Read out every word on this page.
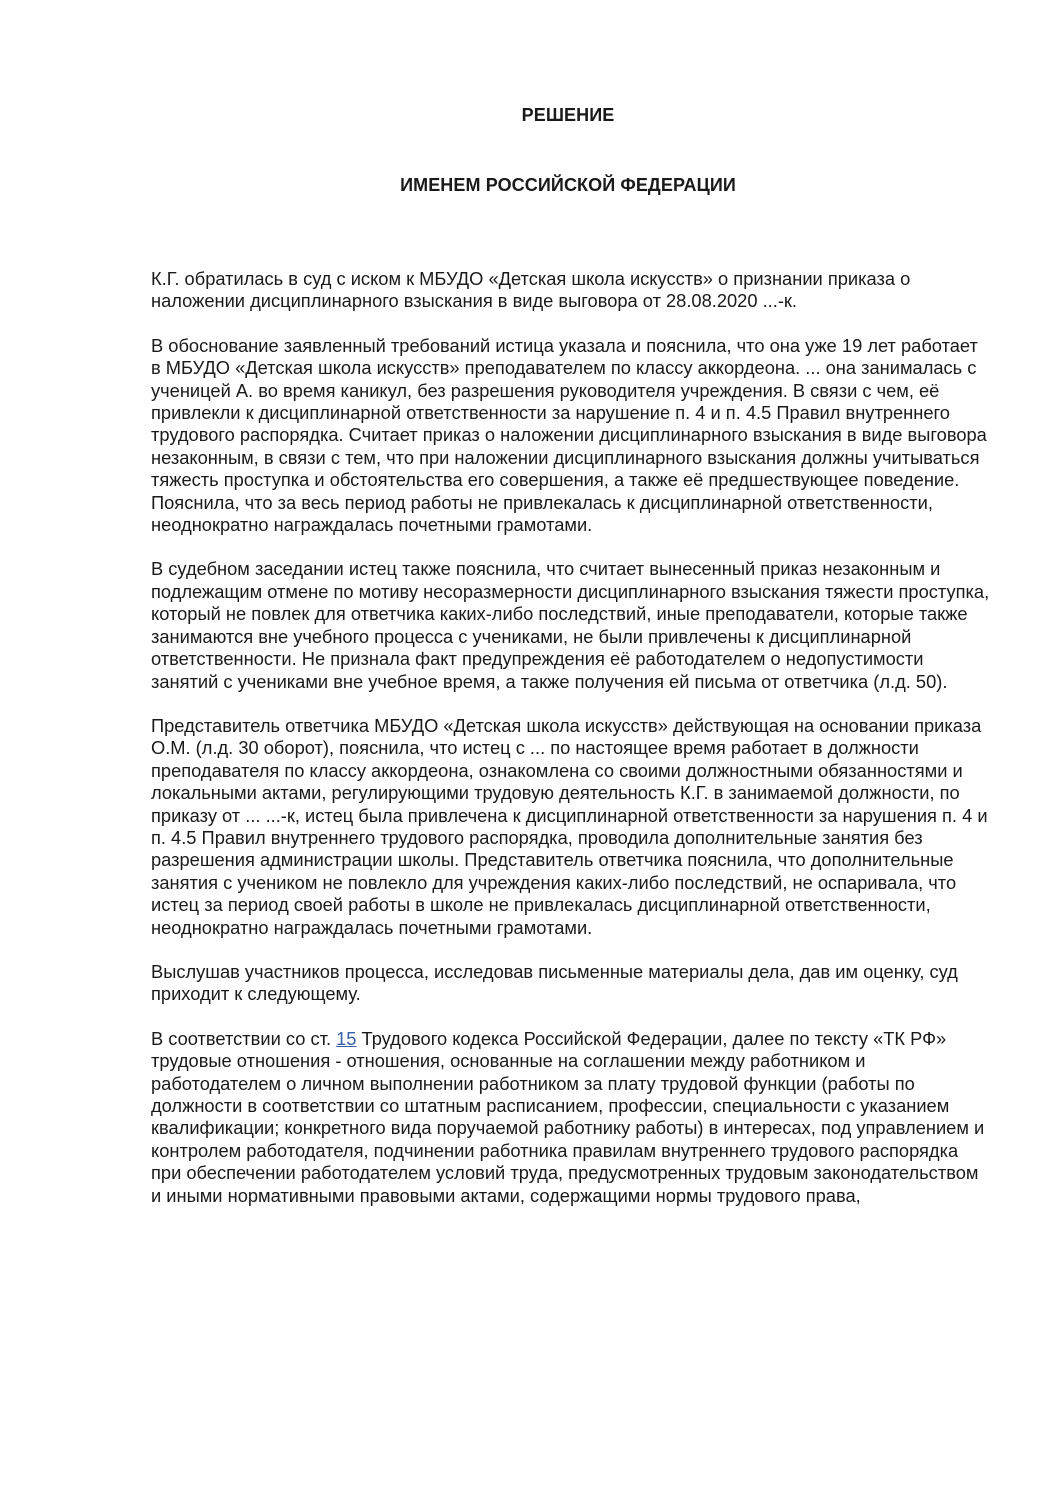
РЕШЕНИЕ
ИМЕНЕМ РОССИЙСКОЙ ФЕДЕРАЦИИ

К.Г. обратилась в суд с иском к МБУДО «Детская школа искусств» о признании приказа о наложении дисциплинарного взыскания в виде выговора от 28.08.2020 ...-к.

В обоснование заявленный требований истица указала и пояснила, что она уже 19 лет работает в МБУДО «Детская школа искусств» преподавателем по классу аккордеона. ... она занималась с ученицей А. во время каникул, без разрешения руководителя учреждения. В связи с чем, её привлекли к дисциплинарной ответственности за нарушение п. 4 и п. 4.5 Правил внутреннего трудового распорядка. Считает приказ о наложении дисциплинарного взыскания в виде выговора незаконным, в связи с тем, что при наложении дисциплинарного взыскания должны учитываться тяжесть проступка и обстоятельства его совершения, а также её предшествующее поведение. Пояснила, что за весь период работы не привлекалась к дисциплинарной ответственности, неоднократно награждалась почетными грамотами.

В судебном заседании истец также пояснила, что считает вынесенный приказ незаконным и подлежащим отмене по мотиву несоразмерности дисциплинарного взыскания тяжести проступка, который не повлек для ответчика каких-либо последствий, иные преподаватели, которые также занимаются вне учебного процесса с учениками, не были привлечены к дисциплинарной ответственности. Не признала факт предупреждения её работодателем о недопустимости занятий с учениками вне учебное время, а также получения ей письма от ответчика (л.д. 50).

Представитель ответчика МБУДО «Детская школа искусств» действующая на основании приказа О.М. (л.д. 30 оборот), пояснила, что истец с ... по настоящее время работает в должности преподавателя по классу аккордеона, ознакомлена со своими должностными обязанностями и локальными актами, регулирующими трудовую деятельность К.Г. в занимаемой должности, по приказу от ... ...-к, истец была привлечена к дисциплинарной ответственности за нарушения п. 4 и п. 4.5 Правил внутреннего трудового распорядка, проводила дополнительные занятия без разрешения администрации школы. Представитель ответчика пояснила, что дополнительные занятия с учеником не повлекло для учреждения каких-либо последствий, не оспаривала, что истец за период своей работы в школе не привлекалась дисциплинарной ответственности, неоднократно награждалась почетными грамотами.

Выслушав участников процесса, исследовав письменные материалы дела, дав им оценку, суд приходит к следующему.

В соответствии со ст. 15 Трудового кодекса Российской Федерации, далее по тексту «ТК РФ» трудовые отношения - отношения, основанные на соглашении между работником и работодателем о личном выполнении работником за плату трудовой функции (работы по должности в соответствии со штатным расписанием, профессии, специальности с указанием квалификации; конкретного вида поручаемой работнику работы) в интересах, под управлением и контролем работодателя, подчинении работника правилам внутреннего трудового распорядка при обеспечении работодателем условий труда, предусмотренных трудовым законодательством и иными нормативными правовыми актами, содержащими нормы трудового права,
